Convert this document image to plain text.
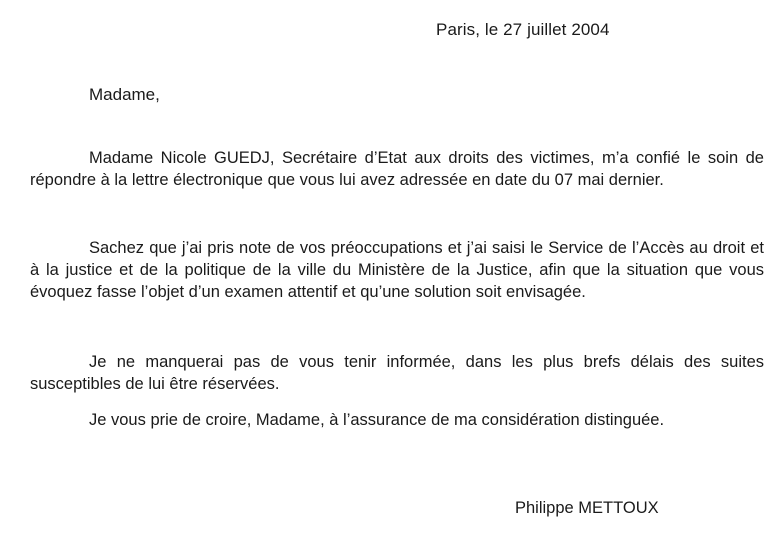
Paris, le 27 juillet 2004
Madame,

Madame Nicole GUEDJ, Secrétaire d’Etat aux droits des victimes, m’a confié le soin de répondre à la lettre électronique que vous lui avez adressée en date du 07 mai dernier.

Sachez que j’ai pris note de vos préoccupations et j’ai saisi le Service de l’Accès au droit et à la justice et de la politique de la ville du Ministère de la Justice, afin que la situation que vous évoquez fasse l’objet d’un examen attentif et qu’une solution soit envisagée.

Je ne manquerai pas de vous tenir informée, dans les plus brefs délais des suites susceptibles de lui être réservées.

Je vous prie de croire, Madame, à l’assurance de ma considération distinguée.

Philippe METTOUX
